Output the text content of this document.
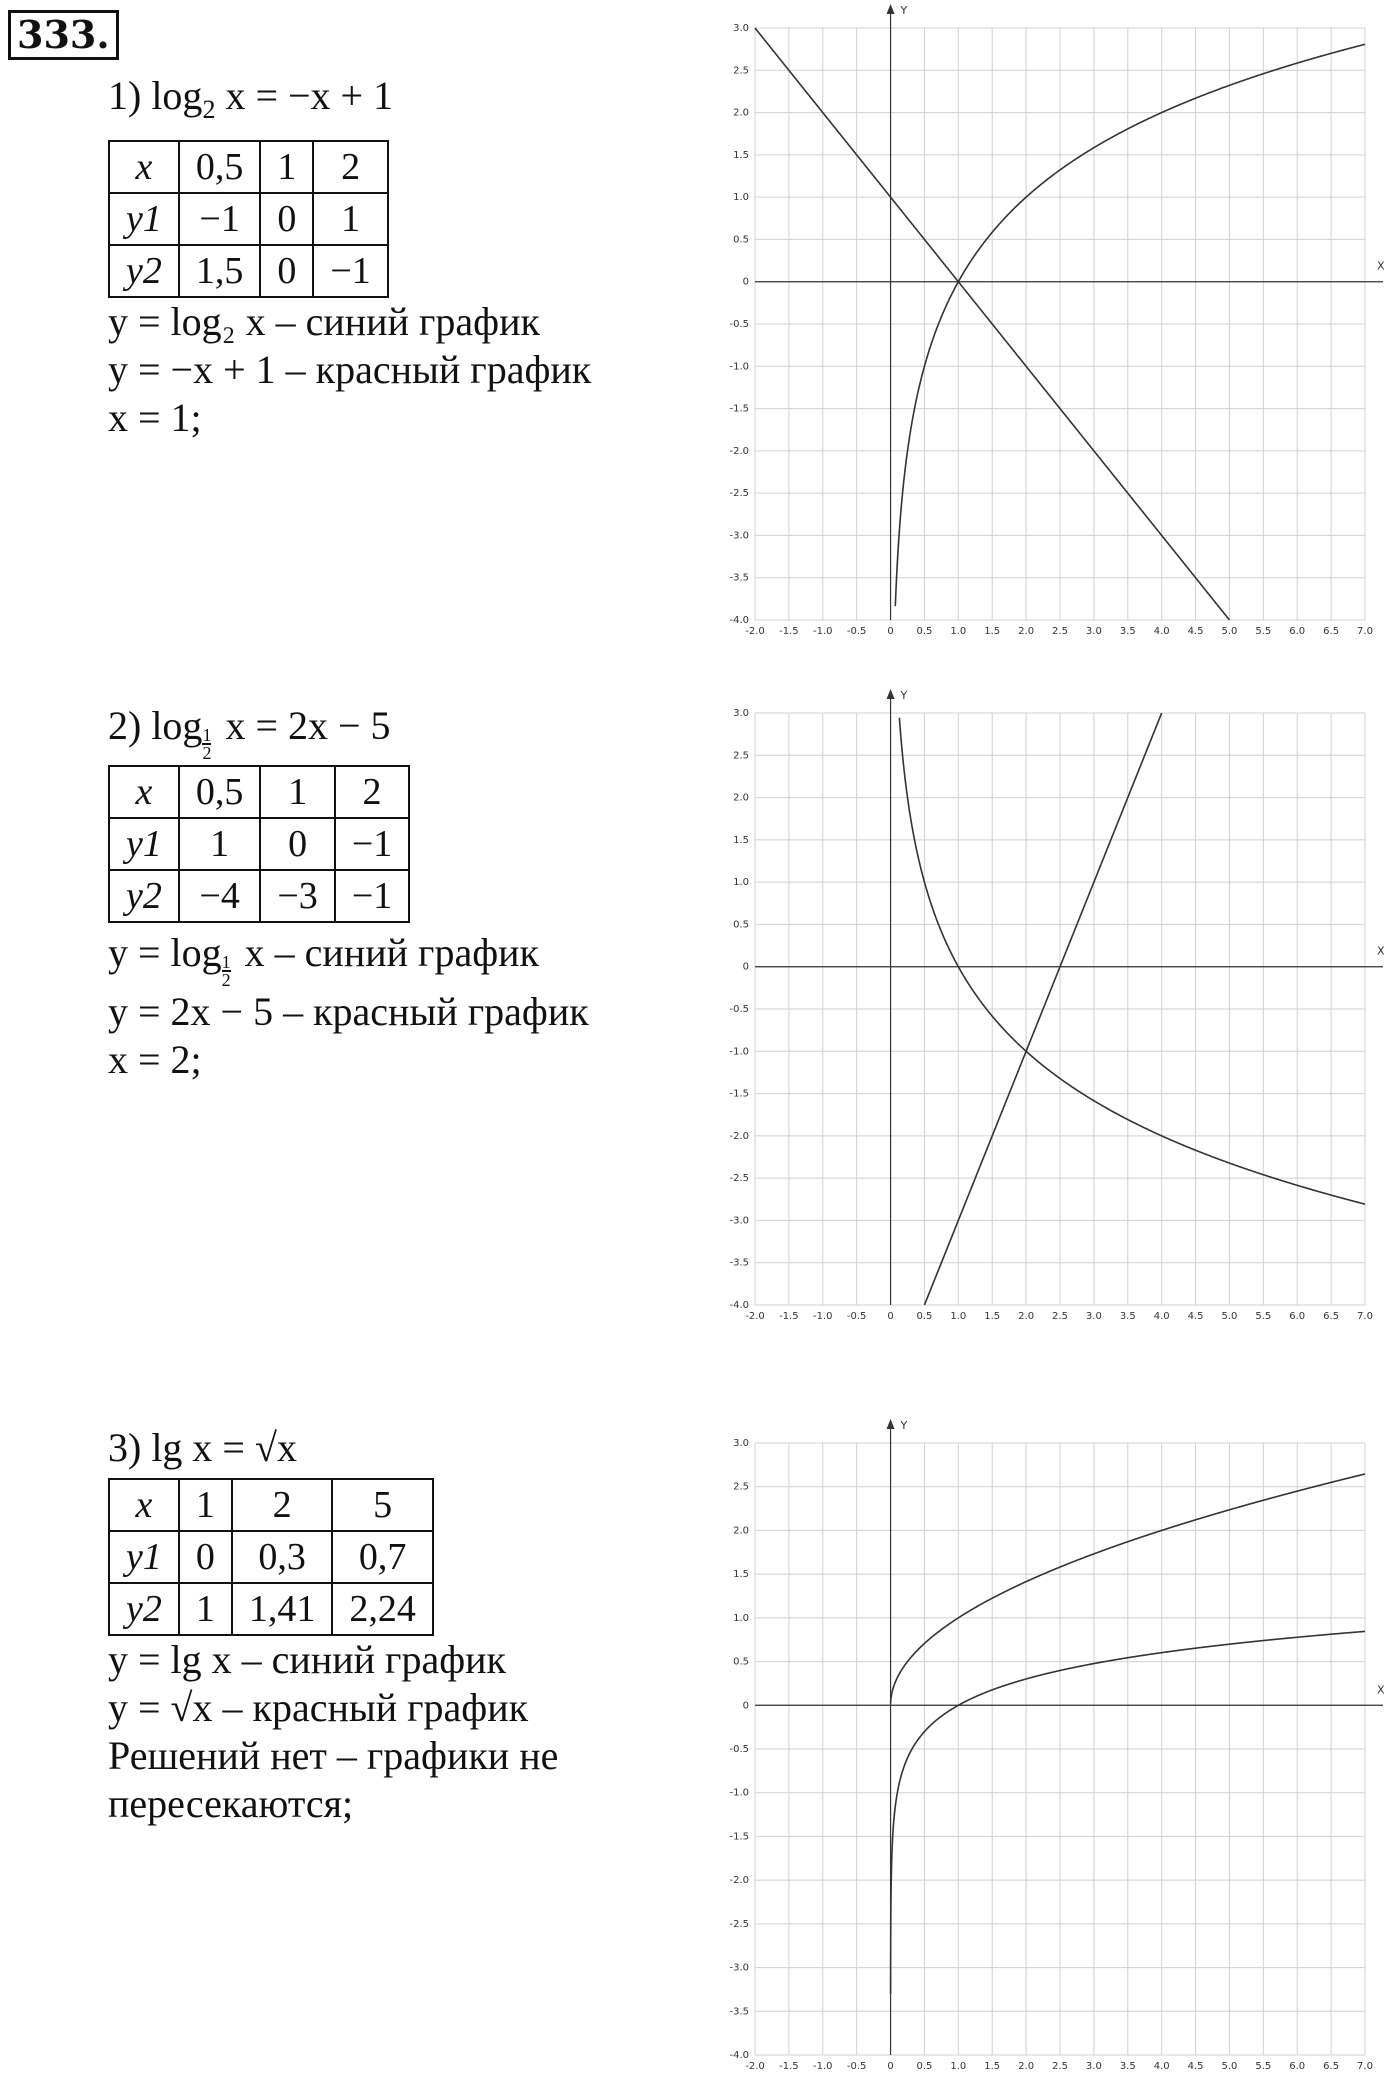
333.
1) $\log_2 x = -x + 1$
x	0,5	1	2
y1	−1	0	1
y2	1,5	0	−1
y = log₂ x – синий график
y = −x + 1 – красный график
x = 1;
2) $\log \frac{1}{2}$ x = 2x − 5
x	0,5	1	2
y1	1	0	−1
y2	−4	−3	−1
$y = \log \frac{1}{2}$ x – синий график
y = 2x − 5 – красный график
x = 2;
3) lg x = √x
x	1	2	5
y1	0	0,3	0,7
y2	1	1,41	2,24
y = lg x – синий график
y = √x – красный график
Решений нет – графики не
пересекаются;
-2.0 -1.5 -1.0 -0.5 0 0.5 1.0 1.5 2.0 2.5 3.0 3.5 4.0 4.5 5.0 5.5 6.0 6.5 7.0
3.0
2.5
2.0
1.5
1.0
0.5
0
-0.5
-1.0
-1.5
-2.0
-2.5
-3.0
-3.5
-4.0
X
Y
-2.0 -1.5 -1.0 -0.5 0 0.5 1.0 1.5 2.0 2.5 3.0 3.5 4.0 4.5 5.0 5.5 6.0 6.5 7.0
3.0
2.5
2.0
1.5
1.0
0.5
0
-0.5
-1.0
-1.5
-2.0
-2.5
-3.0
-3.5
-4.0
X
Y
-2.0 -1.5 -1.0 -0.5 0 0.5 1.0 1.5 2.0 2.5 3.0 3.5 4.0 4.5 5.0 5.5 6.0 6.5 7.0
3.0
2.5
2.0
1.5
1.0
0.5
0
-0.5
-1.0
-1.5
-2.0
-2.5
-3.0
-3.5
-4.0
X
Y
